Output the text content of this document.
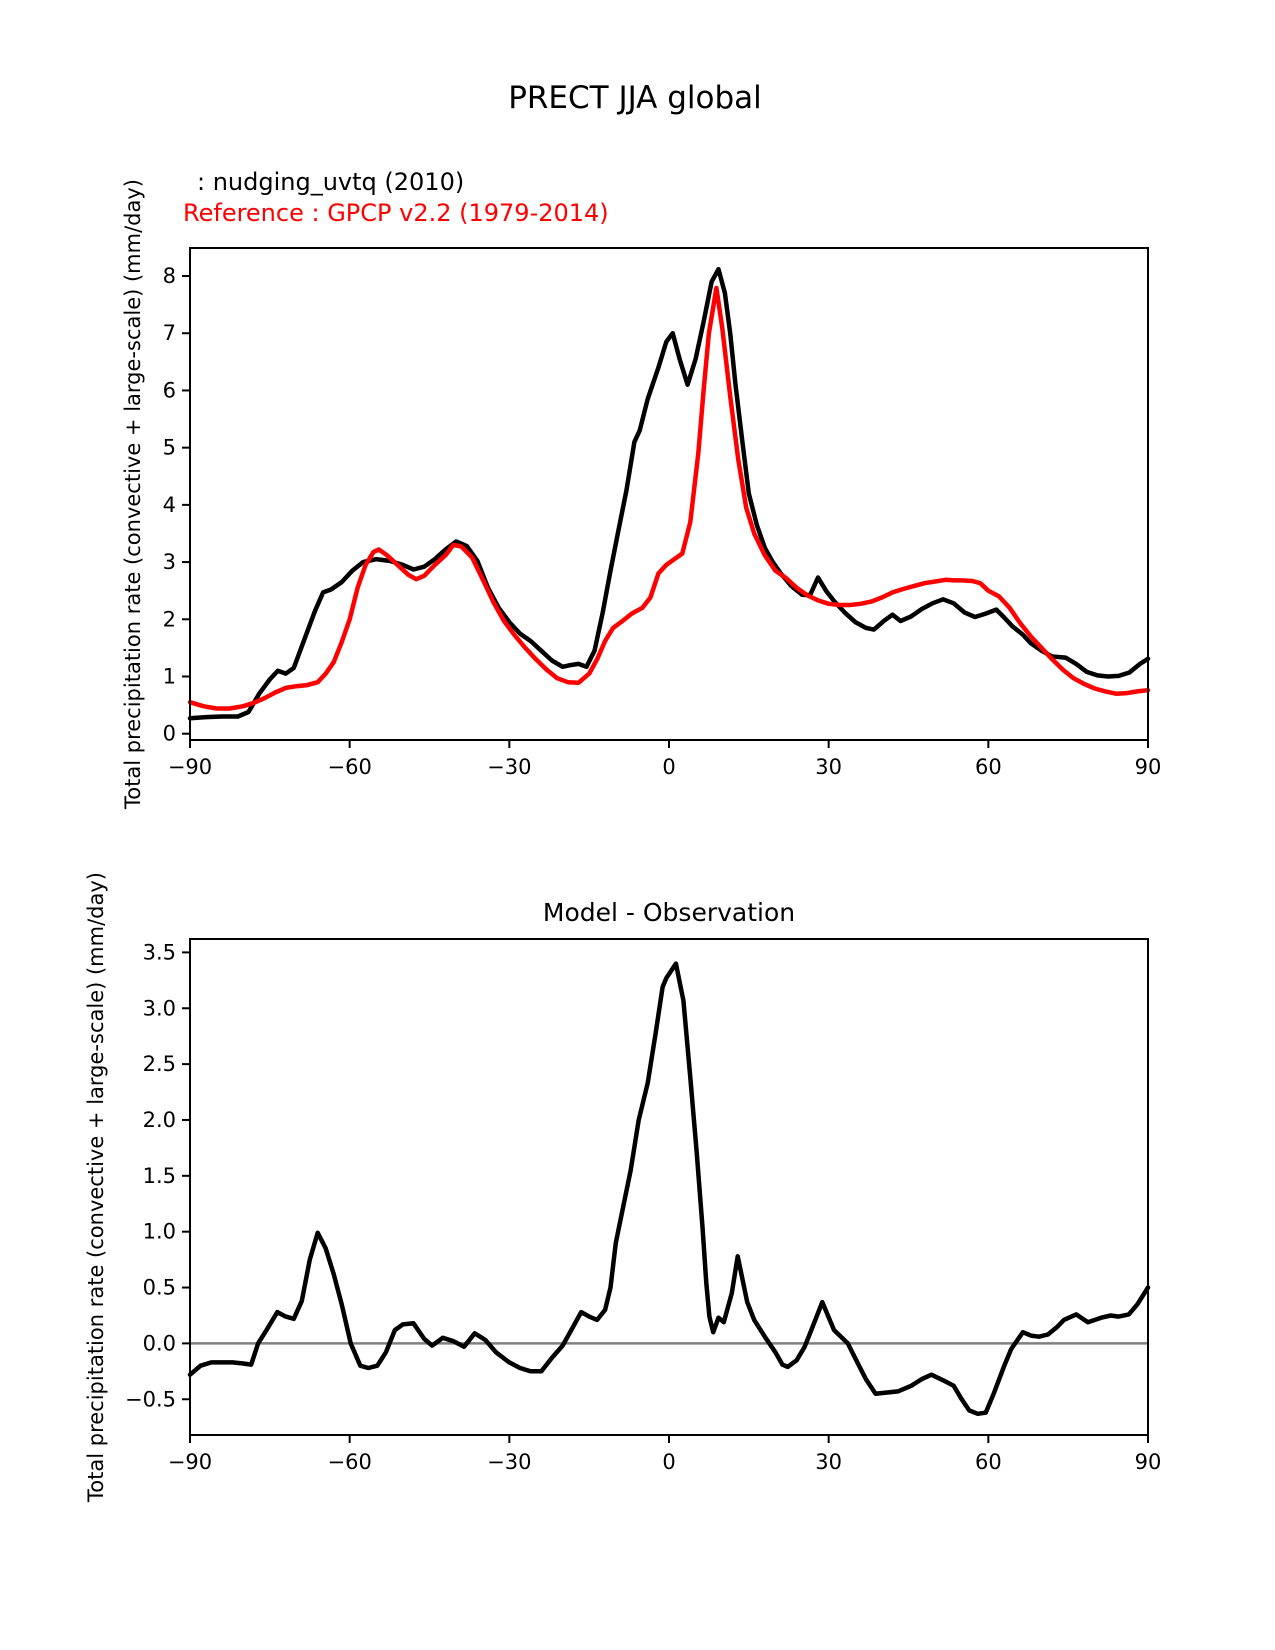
PRECT JJA global
: nudging_uvtq (2010)
Reference : GPCP v2.2 (1979-2014)
Total precipitation rate (convective + large-scale) (mm/day) −90	−60	−30	0	30	60	90
0
1
2
3
4
5
6
7
8
Model - Observation
Total precipitation rate (convective + large-scale) (mm/day)	−90	−60	−30	0	30	60	90
−0.5
0.0
0.5
1.0
1.5
2.0
2.5
3.0
3.5
